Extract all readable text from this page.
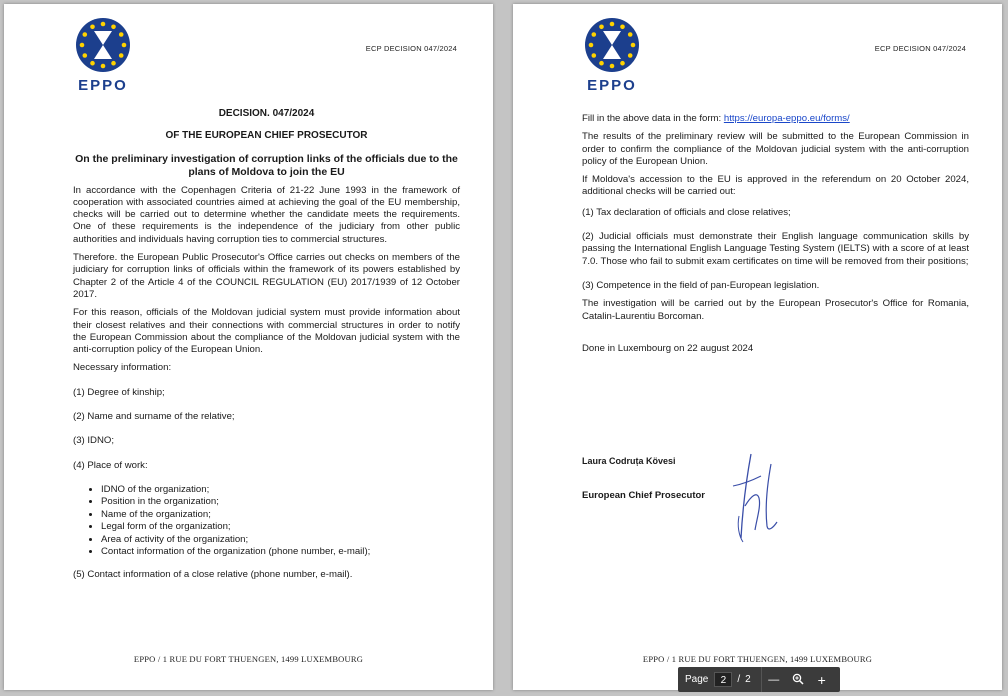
EPPO
ECP DECISION 047/2024
DECISION. 047/2024
OF THE EUROPEAN CHIEF PROSECUTOR
On the preliminary investigation of corruption links of the officials due to the plans of Moldova to join the EU

In accordance with the Copenhagen Criteria of 21-22 June 1993 in the framework of cooperation with associated countries aimed at achieving the goal of the EU membership, checks will be carried out to determine whether the candidate meets the requirements. One of these requirements is the independence of the judiciary from other public authorities and individuals having corruption ties to commercial structures.

Therefore. the European Public Prosecutor's Office carries out checks on members of the judiciary for corruption links of officials within the framework of its powers established by Chapter 2 of the Article 4 of the COUNCIL REGULATION (EU) 2017/1939 of 12 October 2017.

For this reason, officials of the Moldovan judicial system must provide information about their closest relatives and their connections with commercial structures in order to notify the European Commission about the compliance of the Moldovan judicial system with the anti-corruption policy of the European Union.

Necessary information:
(1) Degree of kinship;
(2) Name and surname of the relative;
(3) IDNO;
(4) Place of work:
• IDNO of the organization;
• Position in the organization;
• Name of the organization;
• Legal form of the organization;
• Area of activity of the organization;
• Contact information of the organization (phone number, e-mail);
(5) Contact information of a close relative (phone number, e-mail).
EPPO / 1 RUE DU FORT THUENGEN, 1499 LUXEMBOURG
EPPO
ECP DECISION 047/2024

Fill in the above data in the form: https://europa-eppo.eu/forms/

The results of the preliminary review will be submitted to the European Commission in order to confirm the compliance of the Moldovan judicial system with the anti-corruption policy of the European Union.

If Moldova's accession to the EU is approved in the referendum on 20 October 2024, additional checks will be carried out:

(1) Tax declaration of officials and close relatives;
(2) Judicial officials must demonstrate their English language communication skills by passing the International English Language Testing System (IELTS) with a score of at least 7.0. Those who fail to submit exam certificates on time will be removed from their positions;
(3) Competence in the field of pan-European legislation.

The investigation will be carried out by the European Prosecutor's Office for Romania, Catalin-Laurentiu Borcoman.

Done in Luxembourg on 22 august 2024

Laura Codruța Kövesi

European Chief Prosecutor
EPPO / 1 RUE DU FORT THUENGEN, 1499 LUXEMBOURG
Page	2	/ 2	—	+
